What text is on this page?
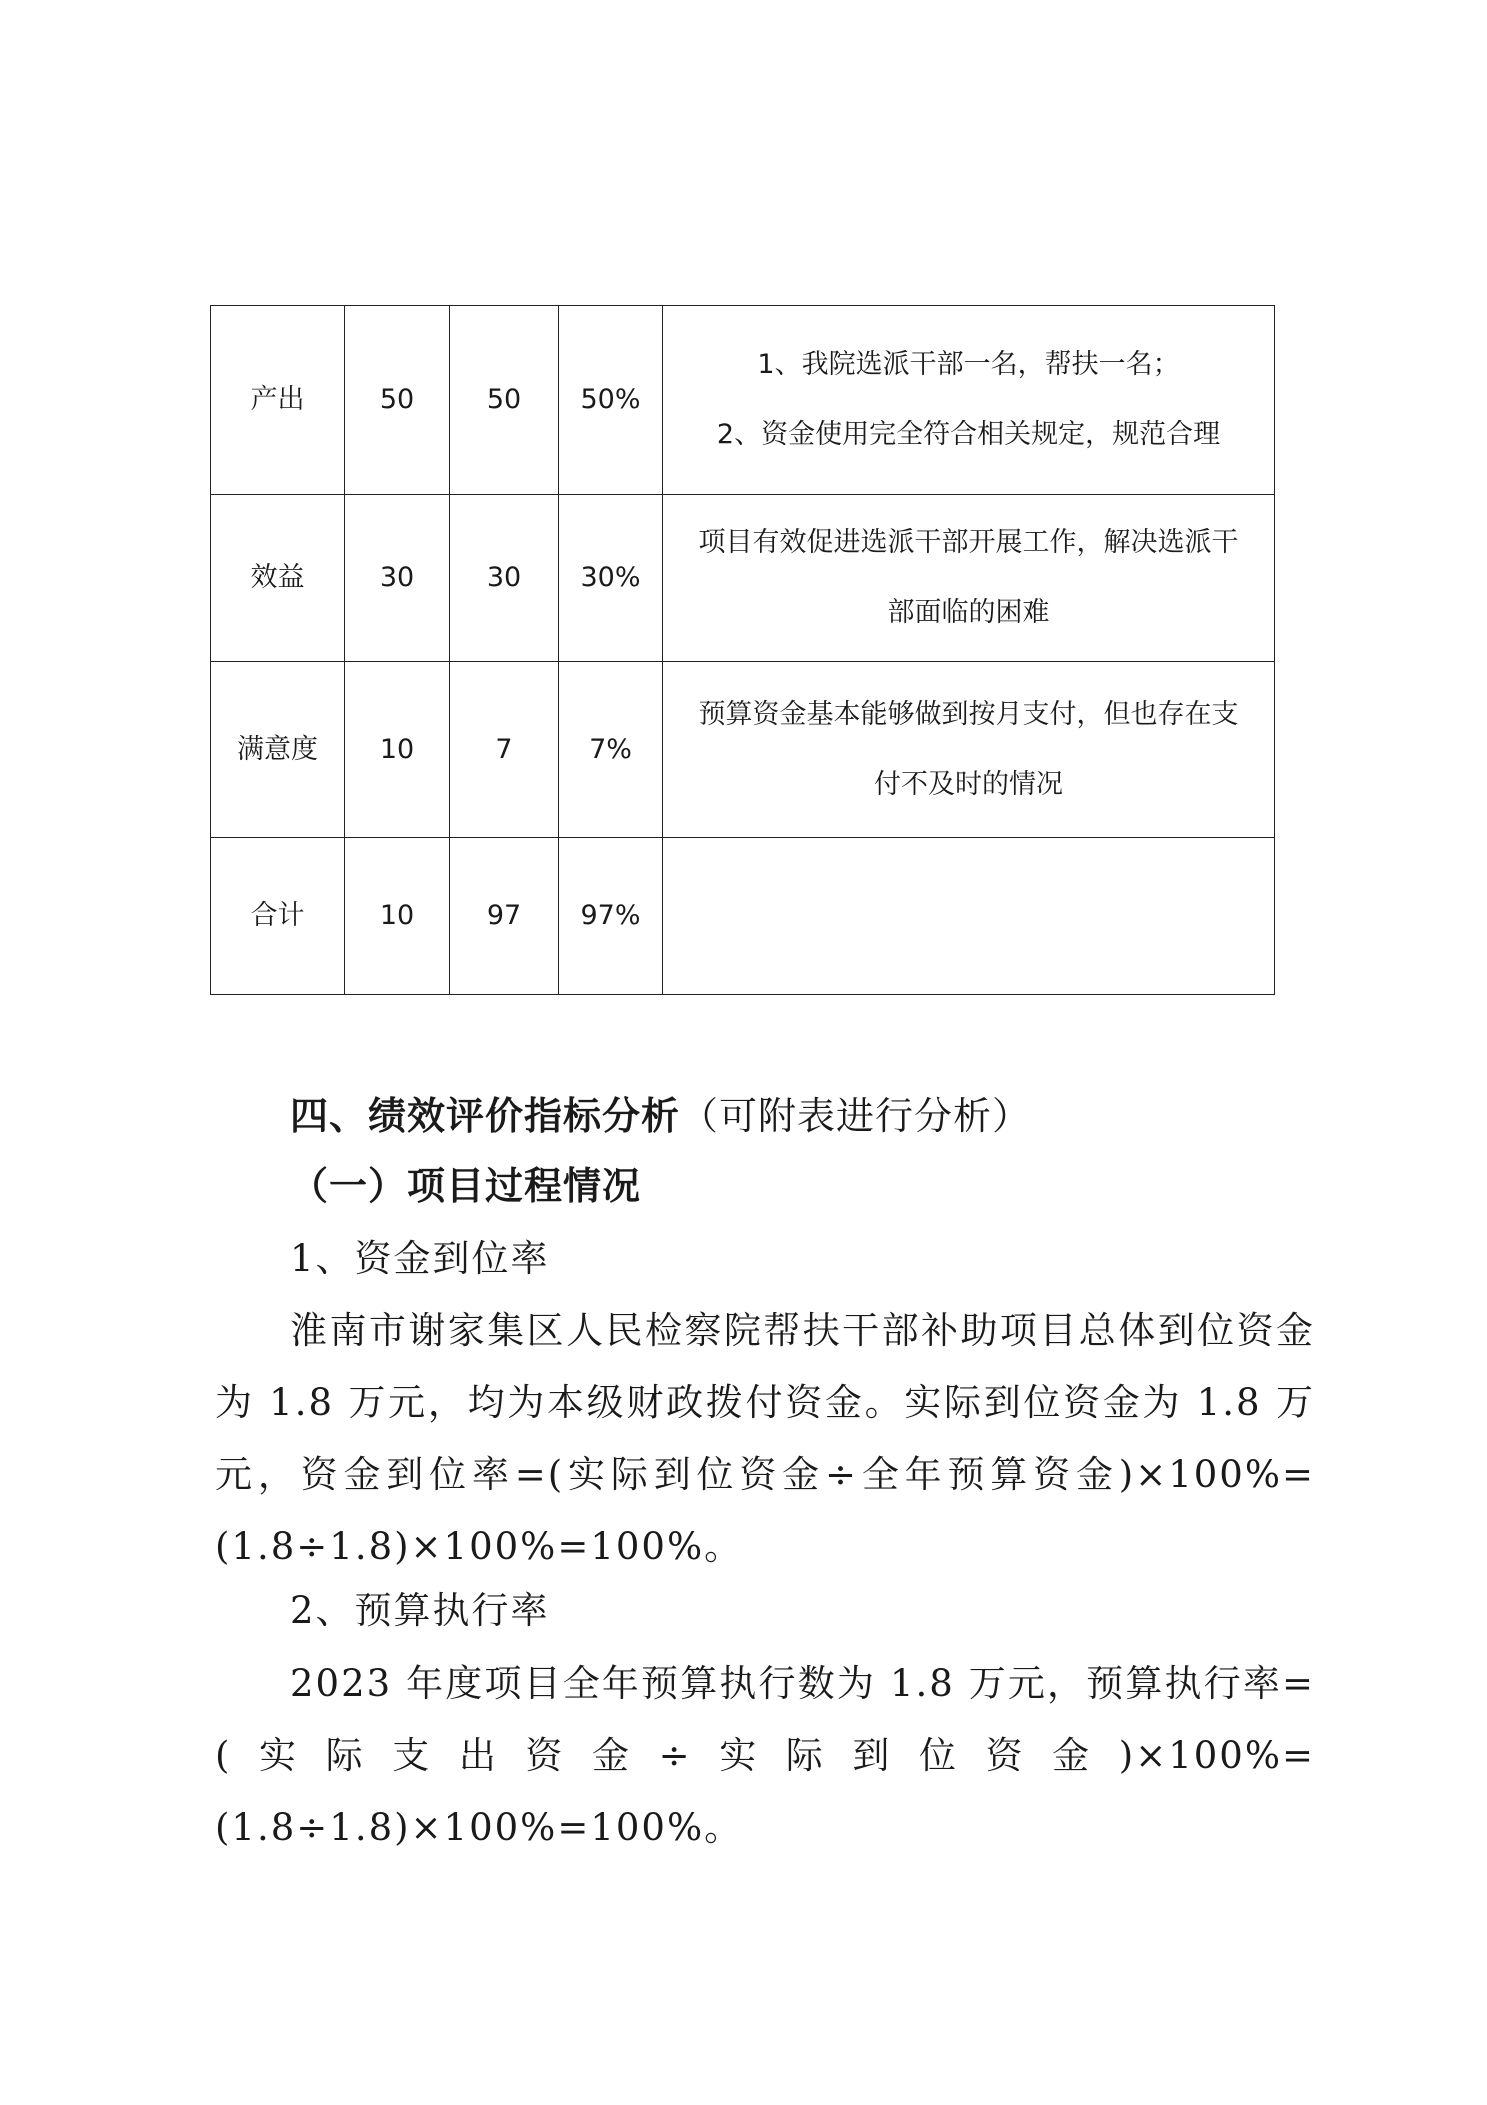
产出	50	50	50%	1、我院选派干部一名，帮扶一名；
2、资金使用完全符合相关规定，规范合理

效益	30	30	30%	项目有效促进选派干部开展工作，解决选派干
部面临的困难

满意度	10	7	7%	预算资金基本能够做到按月支付，但也存在支
付不及时的情况

合计	10	97	97%	
四、绩效评价指标分析（可附表进行分析）
（一）项目过程情况
1、资金到位率
淮南市谢家集区人民检察院帮扶干部补助项目总体到位资金为 1.8 万元，均为本级财政拨付资金。实际到位资金为 1.8 万元，资金到位率=(实际到位资金÷全年预算资金)×100%=(1.8÷1.8)×100%=100%。
2、预算执行率
2023 年度项目全年预算执行数为 1.8 万元，预算执行率=(实际支出资金÷实际到位资金)×100%=(1.8÷1.8)×100%=100%。
